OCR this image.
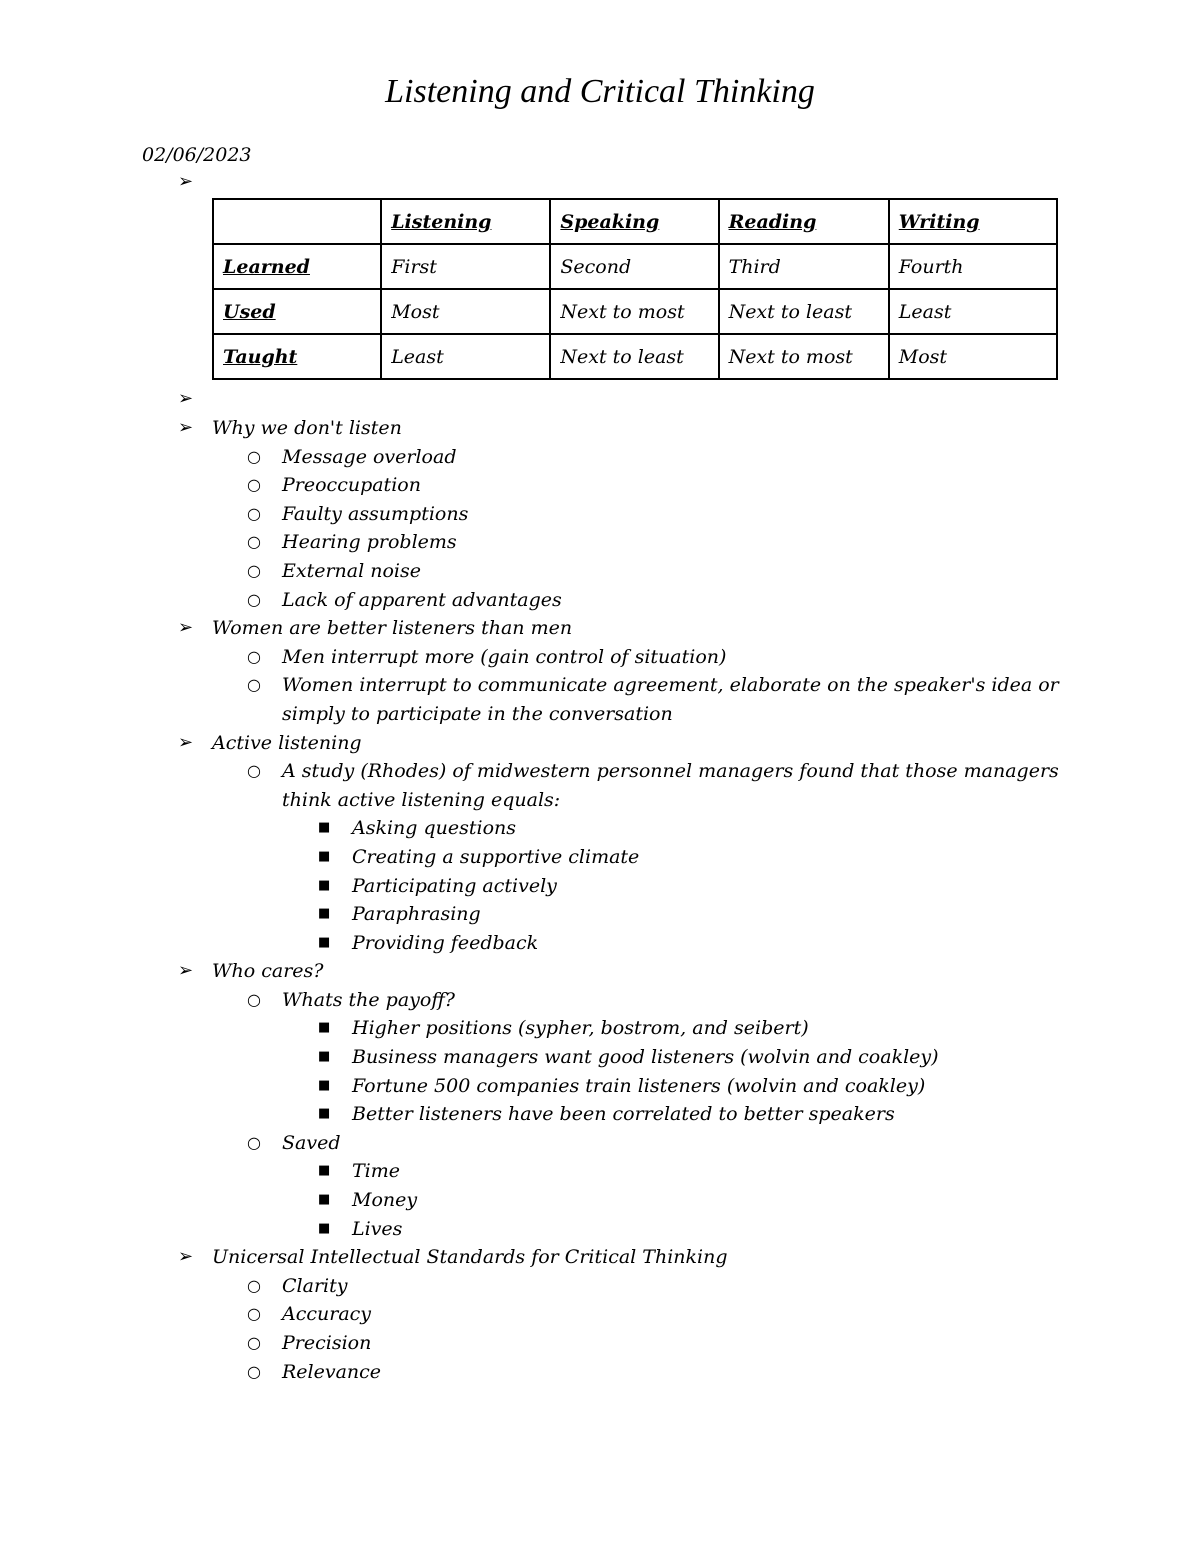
Listening and Critical Thinking
02/06/2023
➢
	Listening	Speaking	Reading	Writing
Learned	First	Second	Third	Fourth
Used	Most	Next to most	Next to least	Least
Taught	Least	Next to least	Next to most	Most
➢
➢ Why we don't listen
○ Message overload
○ Preoccupation
○ Faulty assumptions
○ Hearing problems
○ External noise
○ Lack of apparent advantages
➢ Women are better listeners than men
○ Men interrupt more (gain control of situation)
○ Women interrupt to communicate agreement, elaborate on the speaker's idea or simply to participate in the conversation
➢ Active listening
○ A study (Rhodes) of midwestern personnel managers found that those managers think active listening equals:
■ Asking questions
■ Creating a supportive climate
■ Participating actively
■ Paraphrasing
■ Providing feedback
➢ Who cares?
○ Whats the payoff?
■ Higher positions (sypher, bostrom, and seibert)
■ Business managers want good listeners (wolvin and coakley)
■ Fortune 500 companies train listeners (wolvin and coakley)
■ Better listeners have been correlated to better speakers
○ Saved
■ Time
■ Money
■ Lives
➢ Unicersal Intellectual Standards for Critical Thinking
○ Clarity
○ Accuracy
○ Precision
○ Relevance
